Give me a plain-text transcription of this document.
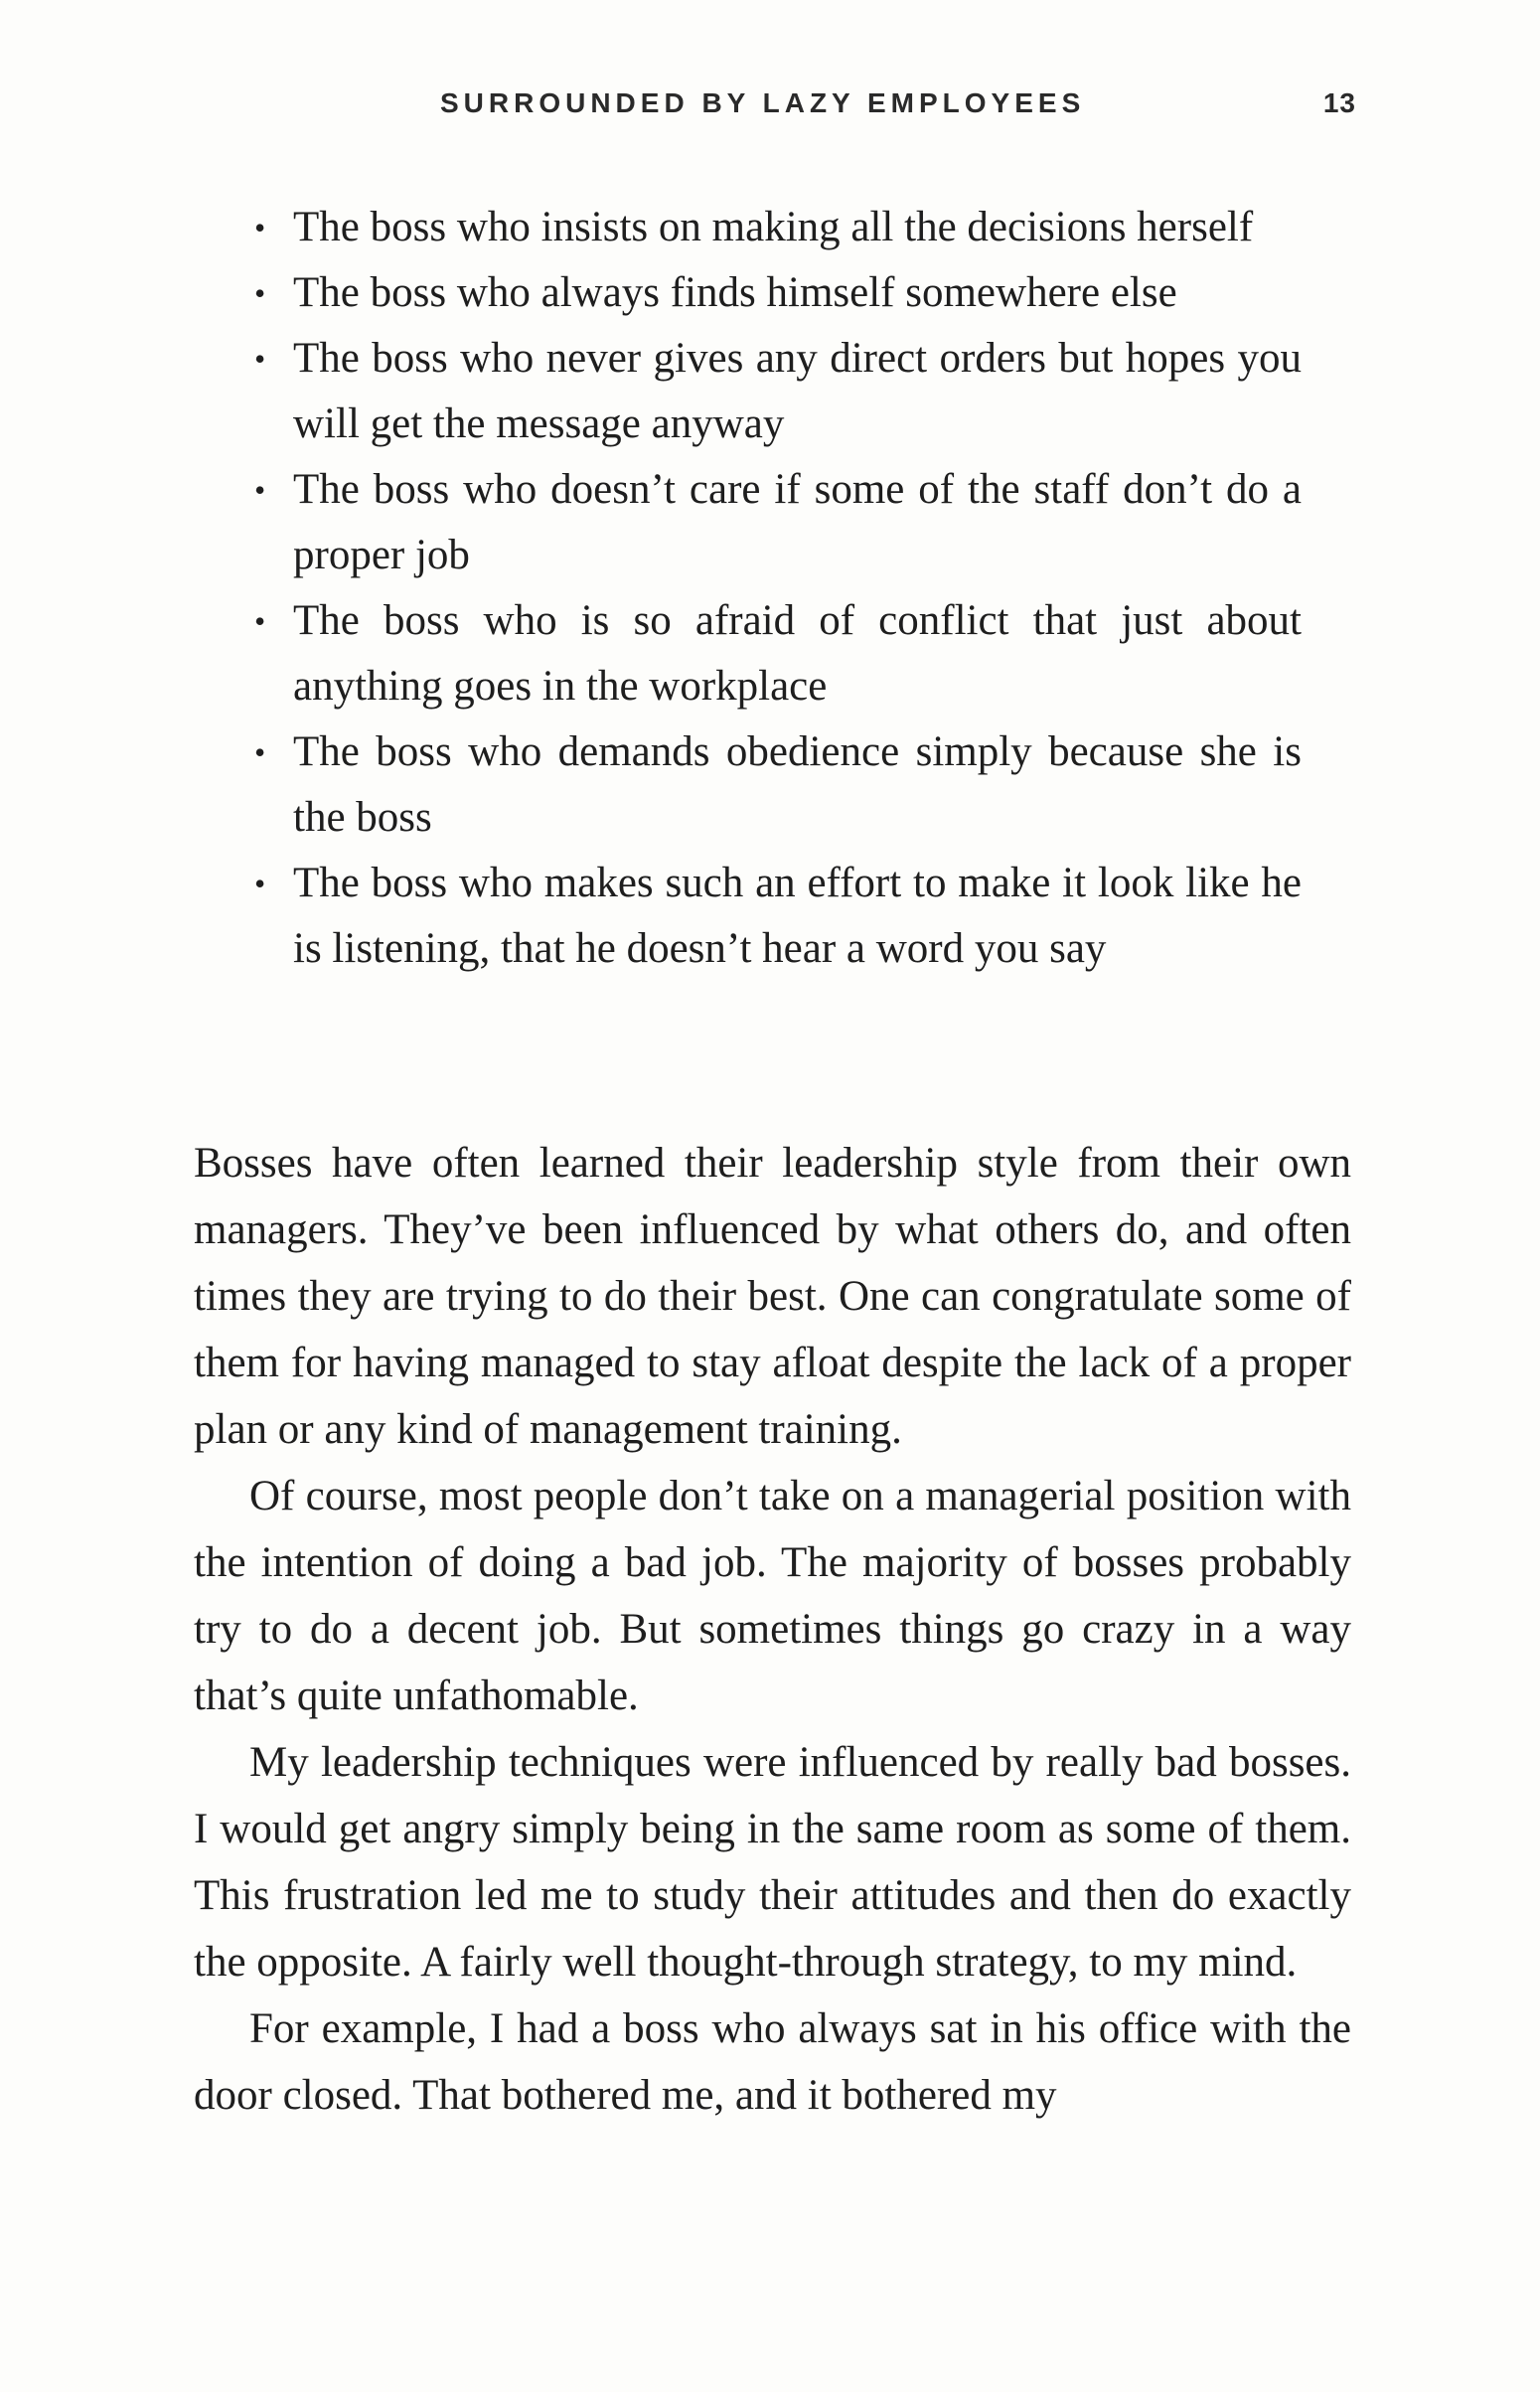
SURROUNDED BY LAZY EMPLOYEES	13
• The boss who insists on making all the decisions herself
• The boss who always finds himself somewhere else
• The boss who never gives any direct orders but hopes you will get the message anyway
• The boss who doesn’t care if some of the staff don’t do a proper job
• The boss who is so afraid of conflict that just about anything goes in the workplace
• The boss who demands obedience simply because she is the boss
• The boss who makes such an effort to make it look like he is listening, that he doesn’t hear a word you say

Bosses have often learned their leadership style from their own managers. They’ve been influenced by what others do, and often times they are trying to do their best. One can congratulate some of them for having managed to stay afloat despite the lack of a proper plan or any kind of management training.

Of course, most people don’t take on a managerial position with the intention of doing a bad job. The majority of bosses probably try to do a decent job. But sometimes things go crazy in a way that’s quite unfathomable.

My leadership techniques were influenced by really bad bosses. I would get angry simply being in the same room as some of them. This frustration led me to study their attitudes and then do exactly the opposite. A fairly well thought-through strategy, to my mind.

For example, I had a boss who always sat in his office with the door closed. That bothered me, and it bothered my
